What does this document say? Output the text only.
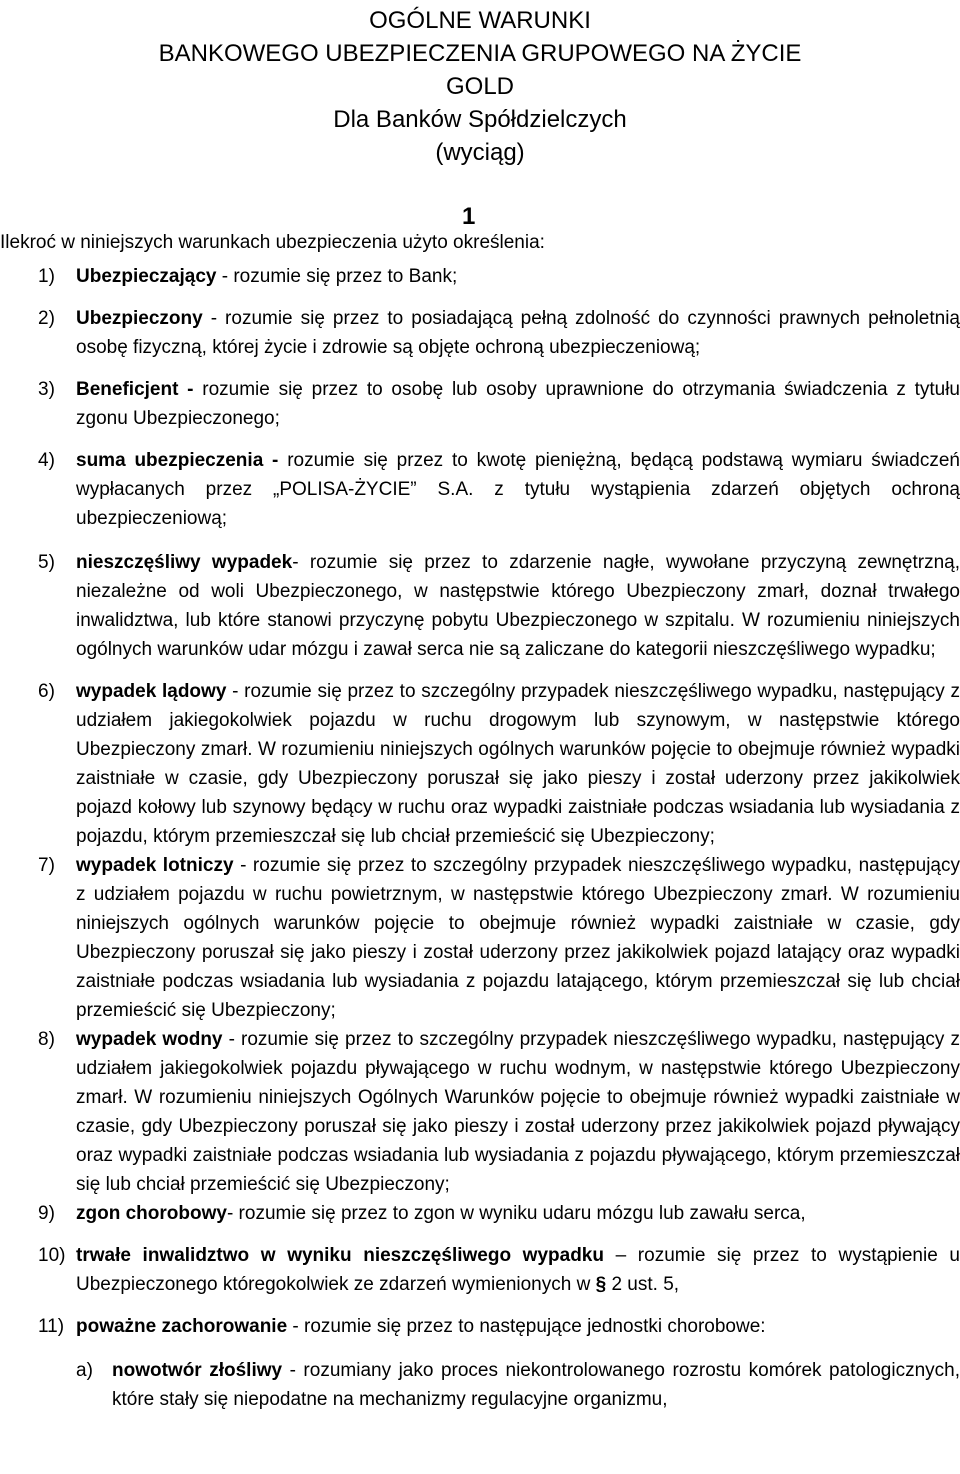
OGÓLNE WARUNKI
BANKOWEGO UBEZPIECZENIA GRUPOWEGO NA ŻYCIE
GOLD
Dla Banków Spółdzielczych
(wyciąg)
1
Ilekroć w niniejszych warunkach ubezpieczenia użyto określenia:

1) Ubezpieczający - rozumie się przez to Bank;

2) Ubezpieczony - rozumie się przez to posiadającą pełną zdolność do czynności prawnych pełnoletnią osobę fizyczną, której życie i zdrowie są objęte ochroną ubezpieczeniową;

3) Beneficjent - rozumie się przez to osobę lub osoby uprawnione do otrzymania świadczenia z tytułu zgonu Ubezpieczonego;

4) suma ubezpieczenia - rozumie się przez to kwotę pieniężną, będącą podstawą wymiaru świadczeń wypłacanych przez „POLISA-ŻYCIE” S.A. z tytułu wystąpienia zdarzeń objętych ochroną ubezpieczeniową;

5) nieszczęśliwy wypadek- rozumie się przez to zdarzenie nagłe, wywołane przyczyną zewnętrzną, niezależne od woli Ubezpieczonego, w następstwie którego Ubezpieczony zmarł, doznał trwałego inwalidztwa, lub które stanowi przyczynę pobytu Ubezpieczonego w szpitalu. W rozumieniu niniejszych ogólnych warunków udar mózgu i zawał serca nie są zaliczane do kategorii nieszczęśliwego wypadku;

6) wypadek lądowy - rozumie się przez to szczególny przypadek nieszczęśliwego wypadku, następujący z udziałem jakiegokolwiek pojazdu w ruchu drogowym lub szynowym, w następstwie którego Ubezpieczony zmarł. W rozumieniu niniejszych ogólnych warunków pojęcie to obejmuje również wypadki zaistniałe w czasie, gdy Ubezpieczony poruszał się jako pieszy i został uderzony przez jakikolwiek pojazd kołowy lub szynowy będący w ruchu oraz wypadki zaistniałe podczas wsiadania lub wysiadania z pojazdu, którym przemieszczał się lub chciał przemieścić się Ubezpieczony;

7) wypadek lotniczy - rozumie się przez to szczególny przypadek nieszczęśliwego wypadku, następujący z udziałem pojazdu w ruchu powietrznym, w następstwie którego Ubezpieczony zmarł. W rozumieniu niniejszych ogólnych warunków pojęcie to obejmuje również wypadki zaistniałe w czasie, gdy Ubezpieczony poruszał się jako pieszy i został uderzony przez jakikolwiek pojazd latający oraz wypadki zaistniałe podczas wsiadania lub wysiadania z pojazdu latającego, którym przemieszczał się lub chciał przemieścić się Ubezpieczony;

8) wypadek wodny - rozumie się przez to szczególny przypadek nieszczęśliwego wypadku, następujący z udziałem jakiegokolwiek pojazdu pływającego w ruchu wodnym, w następstwie którego Ubezpieczony zmarł. W rozumieniu niniejszych Ogólnych Warunków pojęcie to obejmuje również wypadki zaistniałe w czasie, gdy Ubezpieczony poruszał się jako pieszy i został uderzony przez jakikolwiek pojazd pływający oraz wypadki zaistniałe podczas wsiadania lub wysiadania z pojazdu pływającego, którym przemieszczał się lub chciał przemieścić się Ubezpieczony;

9) zgon chorobowy- rozumie się przez to zgon w wyniku udaru mózgu lub zawału serca,

10) trwałe inwalidztwo w wyniku nieszczęśliwego wypadku – rozumie się przez to wystąpienie u Ubezpieczonego któregokolwiek ze zdarzeń wymienionych w § 2 ust. 5,

11) poważne zachorowanie - rozumie się przez to następujące jednostki chorobowe:

a) nowotwór złośliwy - rozumiany jako proces niekontrolowanego rozrostu komórek patologicznych, które stały się niepodatne na mechanizmy regulacyjne organizmu,
